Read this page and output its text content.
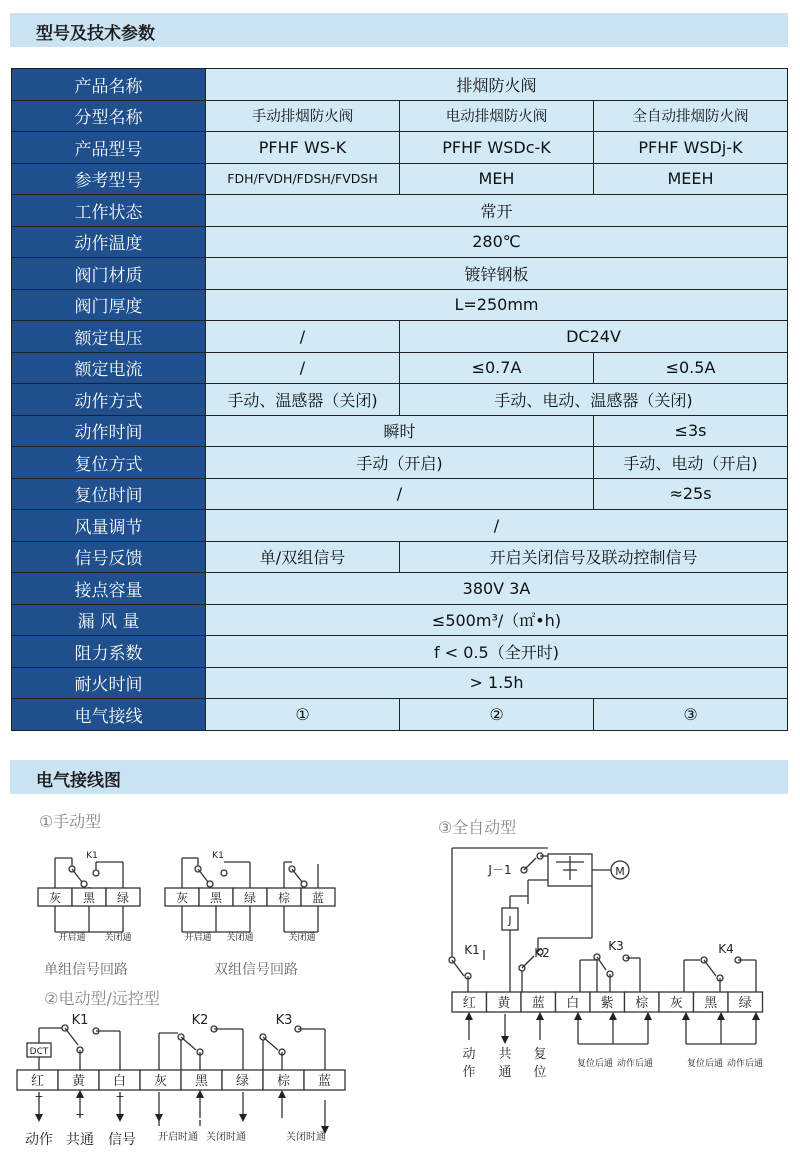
型号及技术参数
产品名称	排烟防火阀		
分型名称	手动排烟防火阀	电动排烟防火阀	全自动排烟防火阀
产品型号	PFHF WS-K	PFHF WSDc-K	PFHF WSDj-K
参考型号	FDH/FVDH/FDSH/FVDSH	MEH	MEEH
工作状态	常开		
动作温度	280℃		
阀门材质	镀锌钢板		
阀门厚度	L=250mm		
额定电压	/	DC24V	
额定电流	/	≤0.7A	≤0.5A
动作方式	手动、温感器（关闭)	手动、电动、温感器（关闭)	
动作时间	瞬时		≤3s
复位方式	手动（开启)		手动、电动（开启)
复位时间	/		≈25s
风量调节	/		
信号反馈	单/双组信号	开启关闭信号及联动控制信号	
接点容量	380V 3A		
漏 风 量	≤500m³/（㎡•h)		
阻力系数	f < 0.5（全开时)		
耐火时间	> 1.5h		
电气接线	①	②	③
电气接线图
①手动型
灰 黑 绿
K1
开启通 关闭通
灰 黑 绿 棕 蓝
K1
开启通 关闭通	关闭通
单组信号回路	双组信号回路
②电动型/远控型
红 黄 白 灰 黑 绿 棕 蓝
DCT
K1	K2	K3
+
−
+
动作 共通 信号 开启时通 关闭时通	关闭时通
③全自动型
红 黄 蓝 白 紫 棕 灰 黑 绿
J－1	M
J
K1	K2	K3	K4
动
作
共
通
复
位
复位后通 动作后通	复位后通 动作后通
